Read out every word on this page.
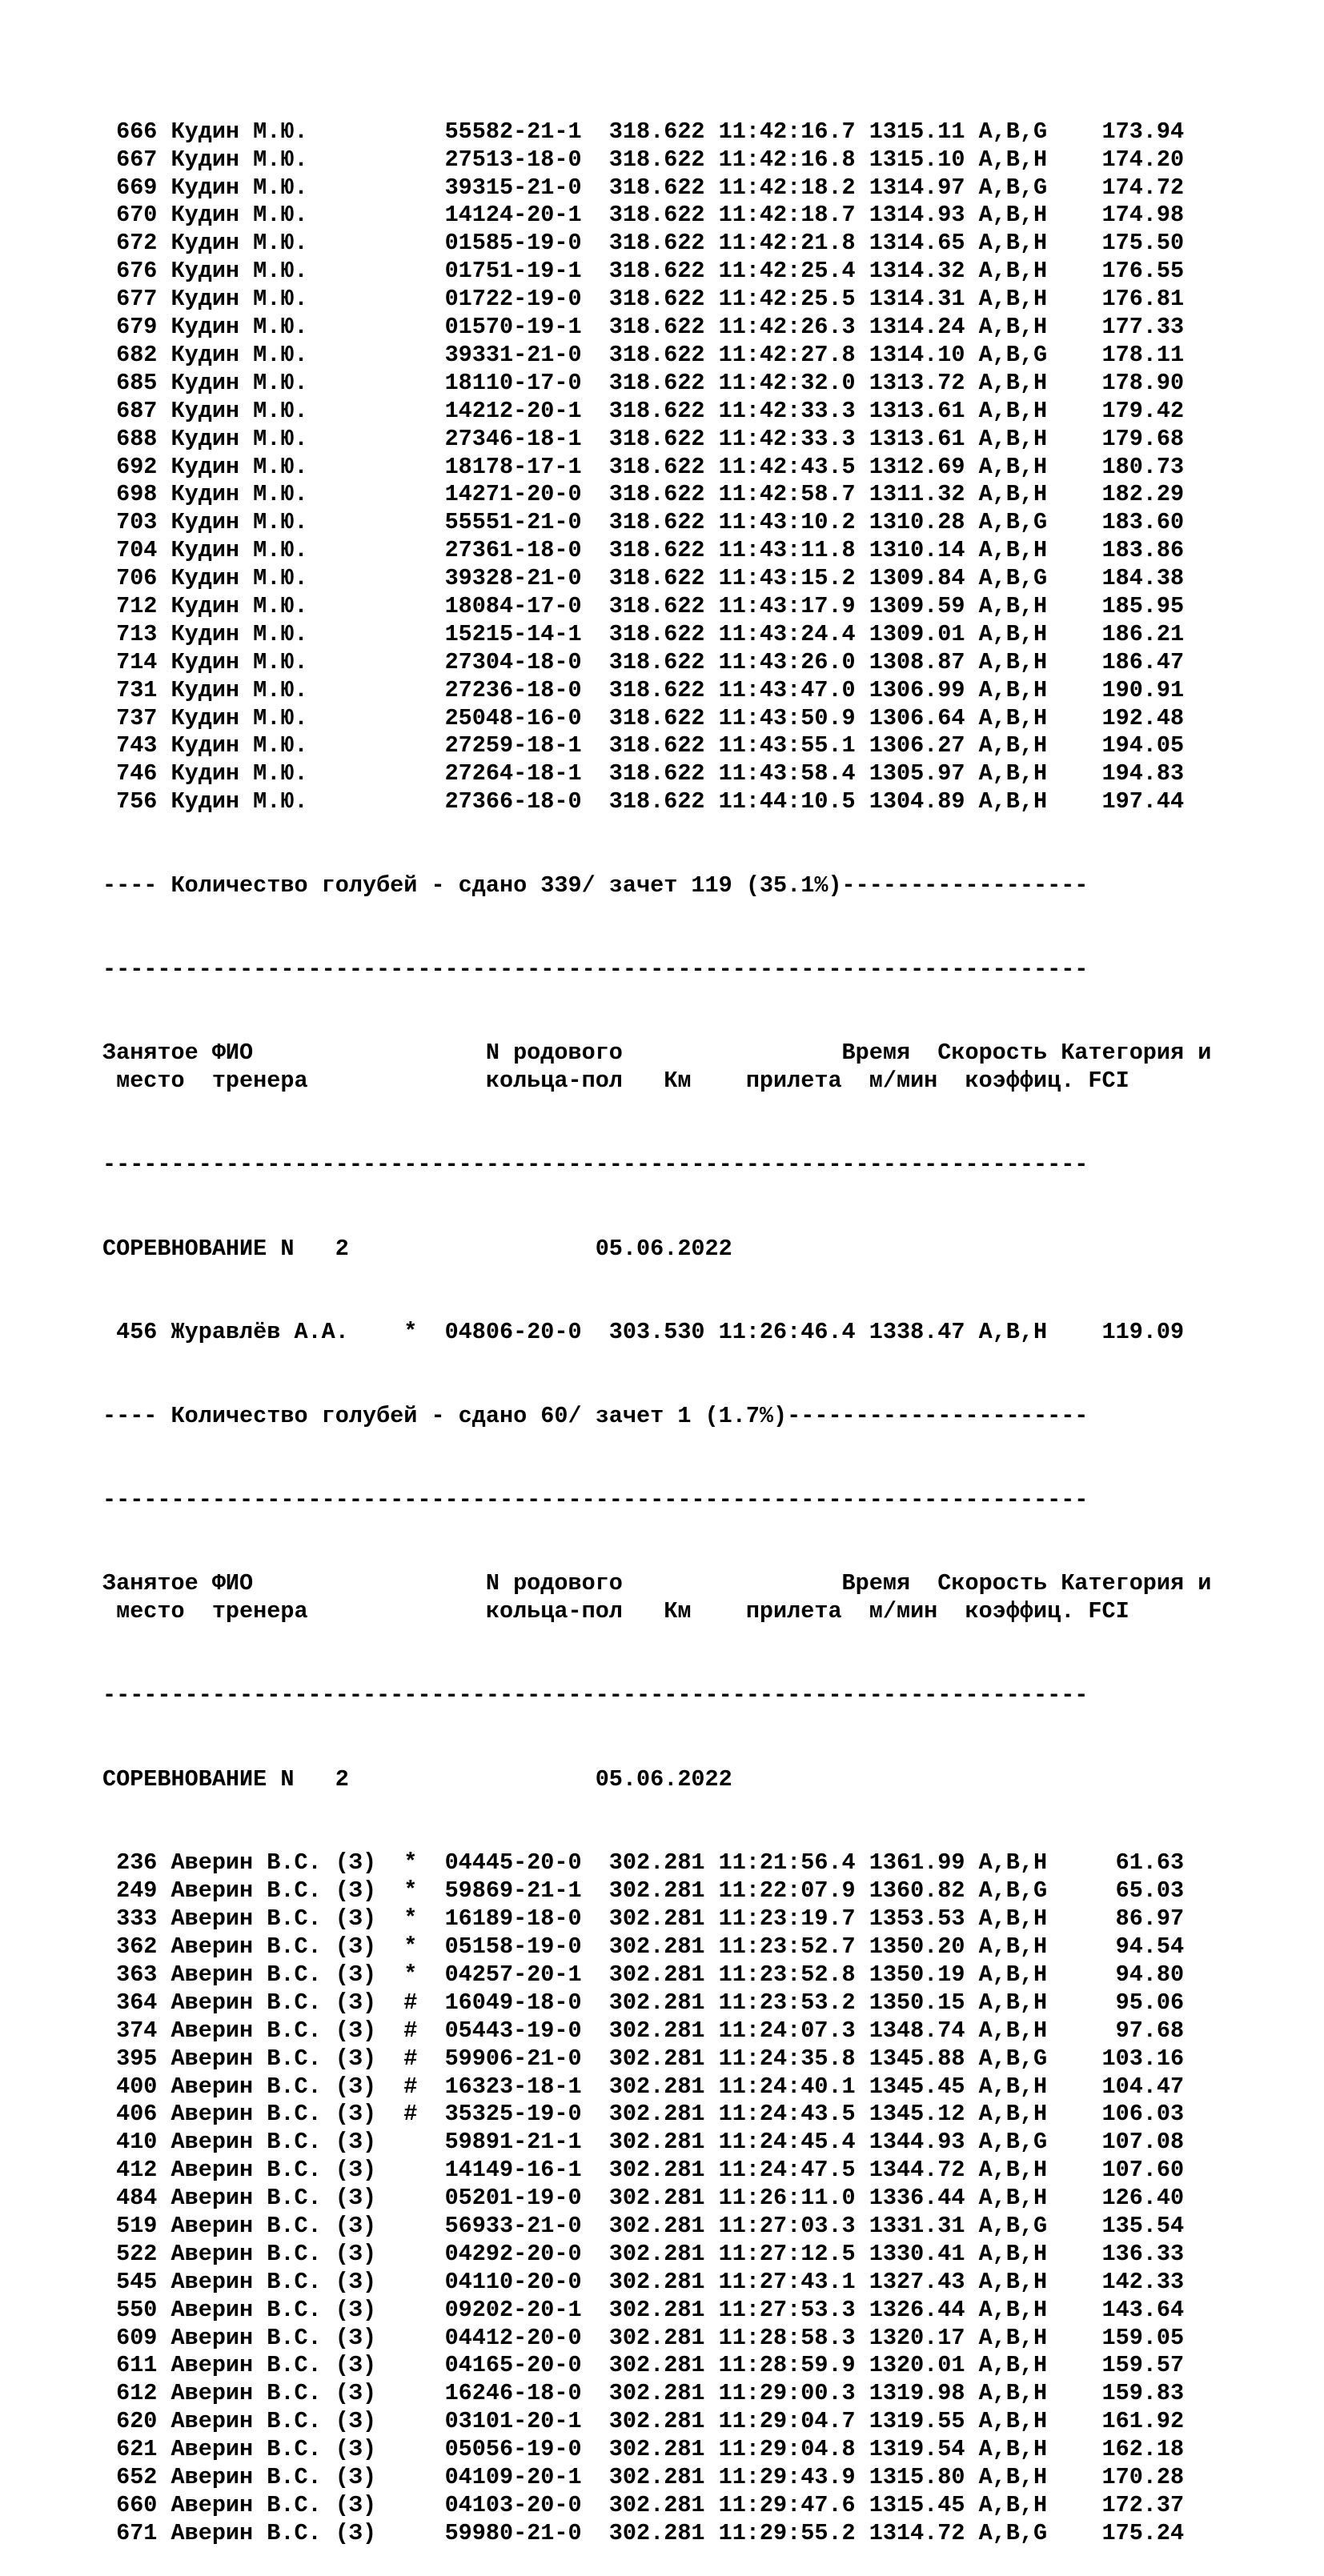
666 Кудин М.Ю.          55582-21-1  318.622 11:42:16.7 1315.11 A,B,G    173.94
667 Кудин М.Ю.          27513-18-0  318.622 11:42:16.8 1315.10 A,B,H    174.20
669 Кудин М.Ю.          39315-21-0  318.622 11:42:18.2 1314.97 A,B,G    174.72
670 Кудин М.Ю.          14124-20-1  318.622 11:42:18.7 1314.93 A,B,H    174.98
672 Кудин М.Ю.          01585-19-0  318.622 11:42:21.8 1314.65 A,B,H    175.50
676 Кудин М.Ю.          01751-19-1  318.622 11:42:25.4 1314.32 A,B,H    176.55
677 Кудин М.Ю.          01722-19-0  318.622 11:42:25.5 1314.31 A,B,H    176.81
679 Кудин М.Ю.          01570-19-1  318.622 11:42:26.3 1314.24 A,B,H    177.33
682 Кудин М.Ю.          39331-21-0  318.622 11:42:27.8 1314.10 A,B,G    178.11
685 Кудин М.Ю.          18110-17-0  318.622 11:42:32.0 1313.72 A,B,H    178.90
687 Кудин М.Ю.          14212-20-1  318.622 11:42:33.3 1313.61 A,B,H    179.42
688 Кудин М.Ю.          27346-18-1  318.622 11:42:33.3 1313.61 A,B,H    179.68
692 Кудин М.Ю.          18178-17-1  318.622 11:42:43.5 1312.69 A,B,H    180.73
698 Кудин М.Ю.          14271-20-0  318.622 11:42:58.7 1311.32 A,B,H    182.29
703 Кудин М.Ю.          55551-21-0  318.622 11:43:10.2 1310.28 A,B,G    183.60
704 Кудин М.Ю.          27361-18-0  318.622 11:43:11.8 1310.14 A,B,H    183.86
706 Кудин М.Ю.          39328-21-0  318.622 11:43:15.2 1309.84 A,B,G    184.38
712 Кудин М.Ю.          18084-17-0  318.622 11:43:17.9 1309.59 A,B,H    185.95
713 Кудин М.Ю.          15215-14-1  318.622 11:43:24.4 1309.01 A,B,H    186.21
714 Кудин М.Ю.          27304-18-0  318.622 11:43:26.0 1308.87 A,B,H    186.47
731 Кудин М.Ю.          27236-18-0  318.622 11:43:47.0 1306.99 A,B,H    190.91
737 Кудин М.Ю.          25048-16-0  318.622 11:43:50.9 1306.64 A,B,H    192.48
743 Кудин М.Ю.          27259-18-1  318.622 11:43:55.1 1306.27 A,B,H    194.05
746 Кудин М.Ю.          27264-18-1  318.622 11:43:58.4 1305.97 A,B,H    194.83
756 Кудин М.Ю.          27366-18-0  318.622 11:44:10.5 1304.89 A,B,H    197.44

---- Количество голубей - сдано 339/ зачет 119 (35.1%)------------------

------------------------------------------------------------------------

Занятое ФИО                 N родового                Время  Скорость Категория и
место  тренера             кольца-пол   Км    прилета  м/мин  коэффиц. FCI

------------------------------------------------------------------------

СОРЕВНОВАНИЕ N   2                  05.06.2022

456 Журавлёв А.А.    *  04806-20-0  303.530 11:26:46.4 1338.47 A,B,H    119.09

---- Количество голубей - сдано 60/ зачет 1 (1.7%)----------------------

------------------------------------------------------------------------

Занятое ФИО                 N родового                Время  Скорость Категория и
место  тренера             кольца-пол   Км    прилета  м/мин  коэффиц. FCI

------------------------------------------------------------------------

СОРЕВНОВАНИЕ N   2                  05.06.2022

236 Аверин В.С. (З)  *  04445-20-0  302.281 11:21:56.4 1361.99 A,B,H     61.63
249 Аверин В.С. (З)  *  59869-21-1  302.281 11:22:07.9 1360.82 A,B,G     65.03
333 Аверин В.С. (З)  *  16189-18-0  302.281 11:23:19.7 1353.53 A,B,H     86.97
362 Аверин В.С. (З)  *  05158-19-0  302.281 11:23:52.7 1350.20 A,B,H     94.54
363 Аверин В.С. (З)  *  04257-20-1  302.281 11:23:52.8 1350.19 A,B,H     94.80
364 Аверин В.С. (З)  #  16049-18-0  302.281 11:23:53.2 1350.15 A,B,H     95.06
374 Аверин В.С. (З)  #  05443-19-0  302.281 11:24:07.3 1348.74 A,B,H     97.68
395 Аверин В.С. (З)  #  59906-21-0  302.281 11:24:35.8 1345.88 A,B,G    103.16
400 Аверин В.С. (З)  #  16323-18-1  302.281 11:24:40.1 1345.45 A,B,H    104.47
406 Аверин В.С. (З)  #  35325-19-0  302.281 11:24:43.5 1345.12 A,B,H    106.03
410 Аверин В.С. (З)     59891-21-1  302.281 11:24:45.4 1344.93 A,B,G    107.08
412 Аверин В.С. (З)     14149-16-1  302.281 11:24:47.5 1344.72 A,B,H    107.60
484 Аверин В.С. (З)     05201-19-0  302.281 11:26:11.0 1336.44 A,B,H    126.40
519 Аверин В.С. (З)     56933-21-0  302.281 11:27:03.3 1331.31 A,B,G    135.54
522 Аверин В.С. (З)     04292-20-0  302.281 11:27:12.5 1330.41 A,B,H    136.33
545 Аверин В.С. (З)     04110-20-0  302.281 11:27:43.1 1327.43 A,B,H    142.33
550 Аверин В.С. (З)     09202-20-1  302.281 11:27:53.3 1326.44 A,B,H    143.64
609 Аверин В.С. (З)     04412-20-0  302.281 11:28:58.3 1320.17 A,B,H    159.05
611 Аверин В.С. (З)     04165-20-0  302.281 11:28:59.9 1320.01 A,B,H    159.57
612 Аверин В.С. (З)     16246-18-0  302.281 11:29:00.3 1319.98 A,B,H    159.83
620 Аверин В.С. (З)     03101-20-1  302.281 11:29:04.7 1319.55 A,B,H    161.92
621 Аверин В.С. (З)     05056-19-0  302.281 11:29:04.8 1319.54 A,B,H    162.18
652 Аверин В.С. (З)     04109-20-1  302.281 11:29:43.9 1315.80 A,B,H    170.28
660 Аверин В.С. (З)     04103-20-0  302.281 11:29:47.6 1315.45 A,B,H    172.37
671 Аверин В.С. (З)     59980-21-0  302.281 11:29:55.2 1314.72 A,B,G    175.24
